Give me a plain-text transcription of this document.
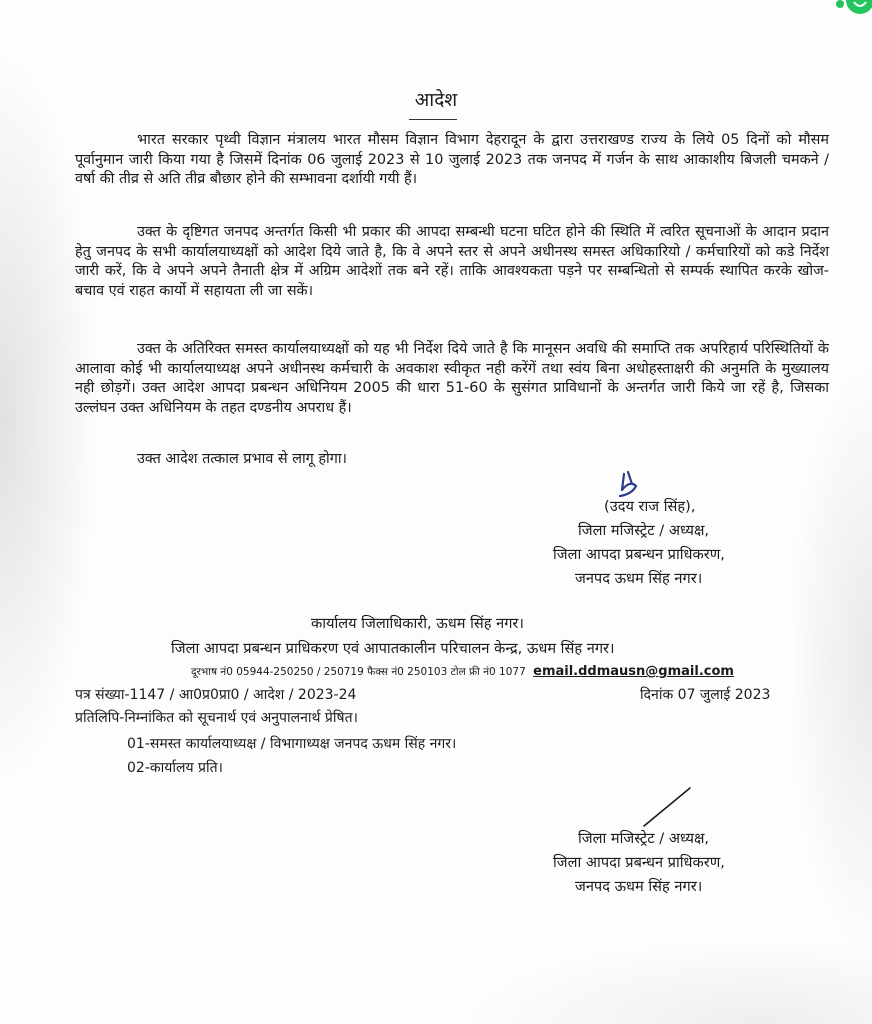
आदेश
भारत सरकार पृथ्वी विज्ञान मंत्रालय भारत मौसम विज्ञान विभाग देहरादून के द्वारा उत्तराखण्ड राज्य के लिये 05 दिनों को मौसम पूर्वानुमान जारी किया गया है जिसमें दिनांक 06 जुलाई 2023 से 10 जुलाई 2023 तक जनपद में गर्जन के साथ आकाशीय बिजली चमकने / वर्षा की तीव्र से अति तीव्र बौछार होने की सम्भावना दर्शायी गयी हैं।
उक्त के दृष्टिगत जनपद अन्तर्गत किसी भी प्रकार की आपदा सम्बन्धी घटना घटित होने की स्थिति में त्वरित सूचनाओं के आदान प्रदान हेतु जनपद के सभी कार्यालयाध्यक्षों को आदेश दिये जाते है, कि वे अपने स्तर से अपने अधीनस्थ समस्त अधिकारियो / कर्मचारियों को कडे निर्देश जारी करें, कि वे अपने अपने तैनाती क्षेत्र में अग्रिम आदेशों तक बने रहें। ताकि आवश्यकता पड़ने पर सम्बन्धितो से सम्पर्क स्थापित करके खोज-बचाव एवं राहत कार्यो में सहायता ली जा सकें।
उक्त के अतिरिक्त समस्त कार्यालयाध्यक्षों को यह भी निर्देश दिये जाते है कि मानूसन अवधि की समाप्ति तक अपरिहार्य परिस्थितियों के आलावा कोई भी कार्यालयाध्यक्ष अपने अधीनस्थ कर्मचारी के अवकाश स्वीकृत नही करेंगें तथा स्वंय बिना अधोहस्ताक्षरी की अनुमति के मुख्यालय नही छोड़गें। उक्त आदेश आपदा प्रबन्धन अधिनियम 2005 की धारा 51-60 के सुसंगत प्राविधानों के अन्तर्गत जारी किये जा रहें है, जिसका उल्लंघन उक्त अधिनियम के तहत दण्डनीय अपराध हैं।
उक्त आदेश तत्काल प्रभाव से लागू होगा।
(उदय राज सिंह),
जिला मजिस्ट्रेट / अध्यक्ष,
जिला आपदा प्रबन्धन प्राधिकरण,
जनपद ऊधम सिंह नगर।
कार्यालय जिलाधिकारी, ऊधम सिंह नगर।
जिला आपदा प्रबन्धन प्राधिकरण एवं आपातकालीन परिचालन केन्द्र, ऊधम सिंह नगर।
दूरभाष नं0 05944-250250 / 250719 फैक्स नं0 250103 टोल फ्री नं0 1077 email.ddmausn@gmail.com
पत्र संख्या-1147 / आ0प्र0प्रा0 / आदेश / 2023-24	दिनांक 07 जुलाई 2023
प्रतिलिपि-निम्नांकित को सूचनार्थ एवं अनुपालनार्थ प्रेषित।
01-समस्त कार्यालयाध्यक्ष / विभागाध्यक्ष जनपद ऊधम सिंह नगर।
02-कार्यालय प्रति।
जिला मजिस्ट्रेट / अध्यक्ष,
जिला आपदा प्रबन्धन प्राधिकरण,
जनपद ऊधम सिंह नगर।
